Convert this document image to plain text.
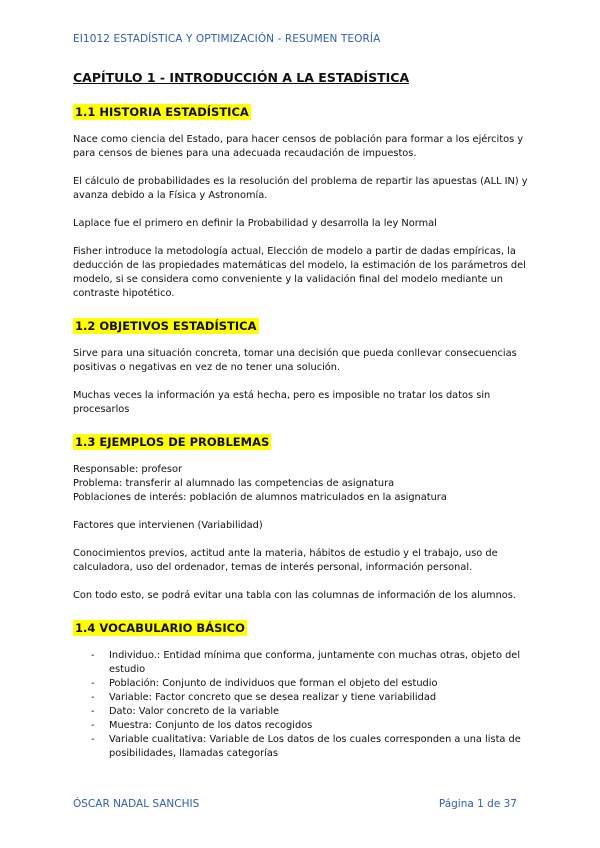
EI1012 ESTADÍSTICA Y OPTIMIZACIÓN - RESUMEN TEORÍA
CAPÍTULO 1 - INTRODUCCIÓN A LA ESTADÍSTICA
1.1 HISTORIA ESTADÍSTICA

Nace como ciencia del Estado, para hacer censos de población para formar a los ejércitos y para censos de bienes para una adecuada recaudación de impuestos.

El cálculo de probabilidades es la resolución del problema de repartir las apuestas (ALL IN) y avanza debido a la Física y Astronomía.

Laplace fue el primero en definir la Probabilidad y desarrolla la ley Normal

Fisher introduce la metodología actual, Elección de modelo a partir de dadas empíricas, la deducción de las propiedades matemáticas del modelo, la estimación de los parámetros del modelo, si se considera como conveniente y la validación final del modelo mediante un contraste hipotético.

1.2 OBJETIVOS ESTADÍSTICA

Sirve para una situación concreta, tomar una decisión que pueda conllevar consecuencias positivas o negativas en vez de no tener una solución.

Muchas veces la información ya está hecha, pero es imposible no tratar los datos sin procesarlos

1.3 EJEMPLOS DE PROBLEMAS

Responsable: profesor

Problema: transferir al alumnado las competencias de asignatura

Poblaciones de interés: población de alumnos matriculados en la asignatura

Factores que intervienen (Variabilidad)

Conocimientos previos, actitud ante la materia, hábitos de estudio y el trabajo, uso de calculadora, uso del ordenador, temas de interés personal, información personal.

Con todo esto, se podrá evitar una tabla con las columnas de información de los alumnos.

1.4 VOCABULARIO BÁSICO
- Individuo.: Entidad mínima que conforma, juntamente con muchas otras, objeto del estudio
- Población: Conjunto de individuos que forman el objeto del estudio
- Variable: Factor concreto que se desea realizar y tiene variabilidad
- Dato: Valor concreto de la variable
- Muestra: Conjunto de los datos recogidos
- Variable cualitativa: Variable de Los datos de los cuales corresponden a una lista de posibilidades, llamadas categorías
ÓSCAR NADAL SANCHIS	Página 1 de 37
